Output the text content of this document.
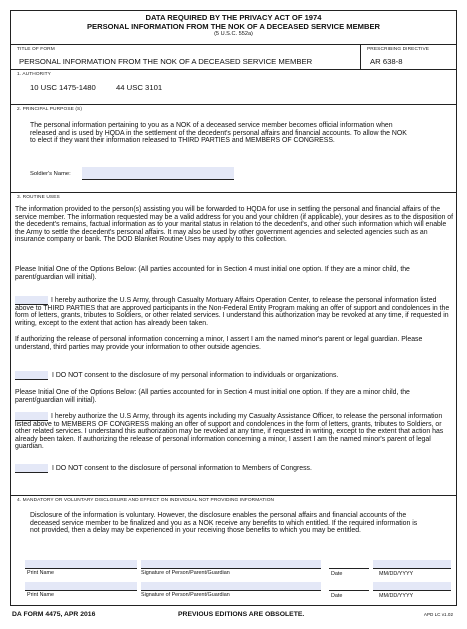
DATA REQUIRED BY THE PRIVACY ACT OF 1974
PERSONAL INFORMATION FROM THE NOK OF A DECEASED SERVICE MEMBER
(5 U.S.C. 552a)
TITLE OF FORM
PERSONAL INFORMATION FROM THE NOK OF A DECEASED SERVICE MEMBER
PRESCRIBING DIRECTIVE
AR 638-8
1. AUTHORITY
10 USC 1475-1480	44 USC 3101
2. PRINCIPAL PURPOSE (S)
The personal information pertaining to you as a NOK of a deceased service member becomes official information when released and is used by HQDA in the settlement of the decedent's personal affairs and financial accounts. To allow the NOK to elect if they want their information released to THIRD PARTIES and MEMBERS OF CONGRESS.
Soldier's Name:
3. ROUTINE USES
The information provided to the person(s) assisting you will be forwarded to HQDA for use in settling the personal and financial affairs of the service member. The information requested may be a valid address for you and your children (if applicable), your desires as to the disposition of the decedent's remains, factual information as to your marital status in relation to the decedent's, and other such information which will enable the Army to settle the decedent's personal affairs. It may also be used by other government agencies and selected agencies such as an insurance company or bank. The DOD Blanket Routine Uses may apply to this collection.
Please Initial One of the Options Below: (All parties accounted for in Section 4 must initial one option. If they are a minor child, the parent/guardian will initial).
I hereby authorize the U.S Army, through Casualty Mortuary Affairs Operation Center, to release the personal information listed above to THIRD PARTIES that are approved participants in the Non-Federal Entity Program making an offer of support and condolences in the form of letters, grants, tributes to Soldiers, or other related services. I understand this authorization may be revoked at any time, if requested in writing, except to the extent that action has already been taken.
If authorizing the release of personal information concerning a minor, I assert I am the named minor's parent or legal guardian. Please understand, third parties may provide your information to other outside agencies.
I DO NOT consent to the disclosure of my personal information to individuals or organizations.
Please Initial One of the Options Below: (All parties accounted for in Section 4 must initial one option. If they are a minor child, the parent/guardian will initial).
I hereby authorize the U.S Army, through its agents including my Casualty Assistance Officer, to release the personal information listed above to MEMBERS OF CONGRESS making an offer of support and condolences in the form of letters, grants, tributes to Soldiers, or other related services. I understand this authorization may be revoked at any time, if requested in writing, except to the extent that action has already been taken. If authorizing the release of personal information concerning a minor, I assert I am the named minor's parent of legal guardian.
I DO NOT consent to the disclosure of personal information to Members of Congress.
4. MANDATORY OR VOLUNTARY DISCLOSURE AND EFFECT ON INDIVIDUAL NOT PROVIDING INFORMATION
Disclosure of the information is voluntary. However, the disclosure enables the personal affairs and financial accounts of the deceased service member to be finalized and you as a NOK receive any benefits to which entitled. If the required information is not provided, then a delay may be experienced in your receiving those benefits to which you may be entitled.
Print Name	Signature of Person/Parent/Guardian	Date	MM/DD/YYYY
Print Name	Signature of Person/Parent/Guardian	Date	MM/DD/YYYY
DA FORM 4475, APR 2016	PREVIOUS EDITIONS ARE OBSOLETE.	APD LC v1.02
